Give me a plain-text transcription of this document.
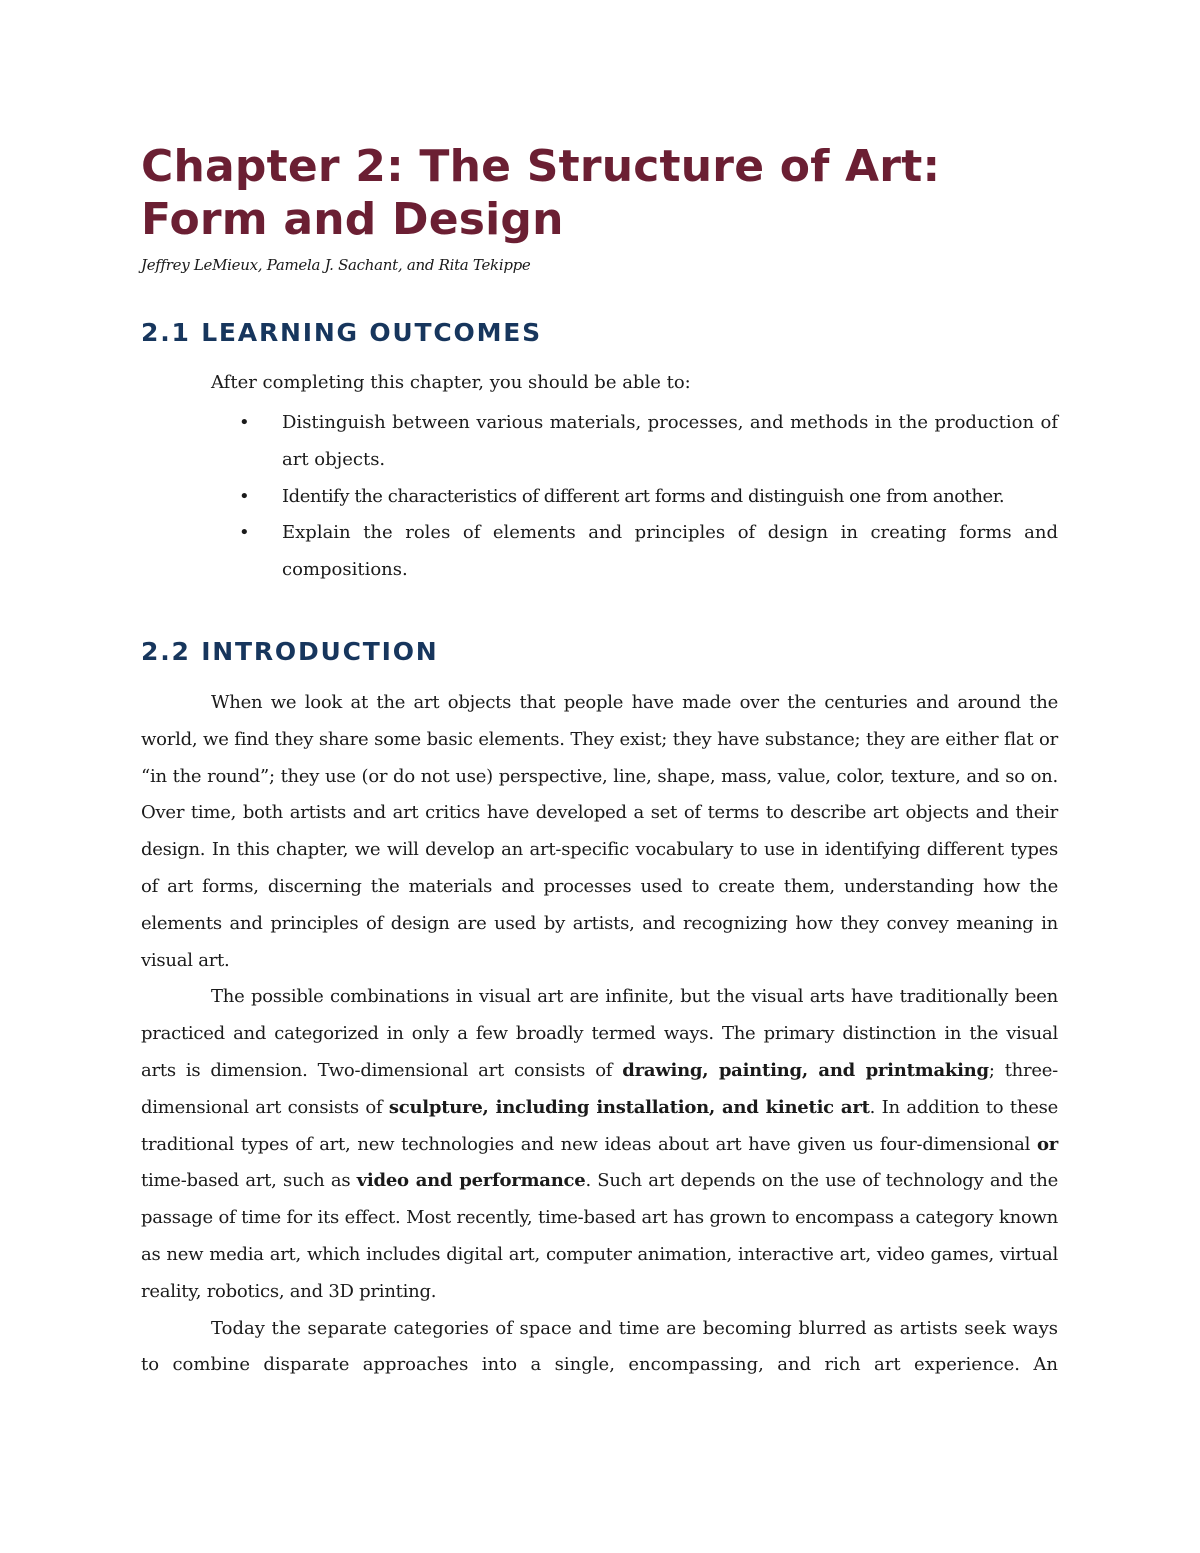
Chapter 2: The Structure of Art: Form and Design

Jeffrey LeMieux, Pamela J. Sachant, and Rita Tekippe

2.1 LEARNING OUTCOMES

After completing this chapter, you should be able to:

• Distinguish between various materials, processes, and methods in the production of art objects.
• Identify the characteristics of different art forms and distinguish one from another.
• Explain the roles of elements and principles of design in creating forms and compositions.
2.2 INTRODUCTION

When we look at the art objects that people have made over the centuries and around the world, we find they share some basic elements. They exist; they have substance; they are either flat or “in the round”; they use (or do not use) perspective, line, shape, mass, value, color, texture, and so on. Over time, both artists and art critics have developed a set of terms to describe art objects and their design. In this chapter, we will develop an art-specific vocabulary to use in identifying different types of art forms, discerning the materials and processes used to create them, understanding how the elements and principles of design are used by artists, and recognizing how they convey meaning in visual art.

The possible combinations in visual art are infinite, but the visual arts have traditionally been practiced and categorized in only a few broadly termed ways. The primary distinction in the visual arts is dimension. Two-dimensional art consists of drawing, painting, and printmaking; three-dimensional art consists of sculpture, including installation, and kinetic art. In addition to these traditional types of art, new technologies and new ideas about art have given us four-dimensional or time-based art, such as video and performance. Such art depends on the use of technology and the passage of time for its effect. Most recently, time-based art has grown to encompass a category known as new media art, which includes digital art, computer animation, interactive art, video games, virtual reality, robotics, and 3D printing.

Today the separate categories of space and time are becoming blurred as artists seek ways to combine disparate approaches into a single, encompassing, and rich art experience. An
